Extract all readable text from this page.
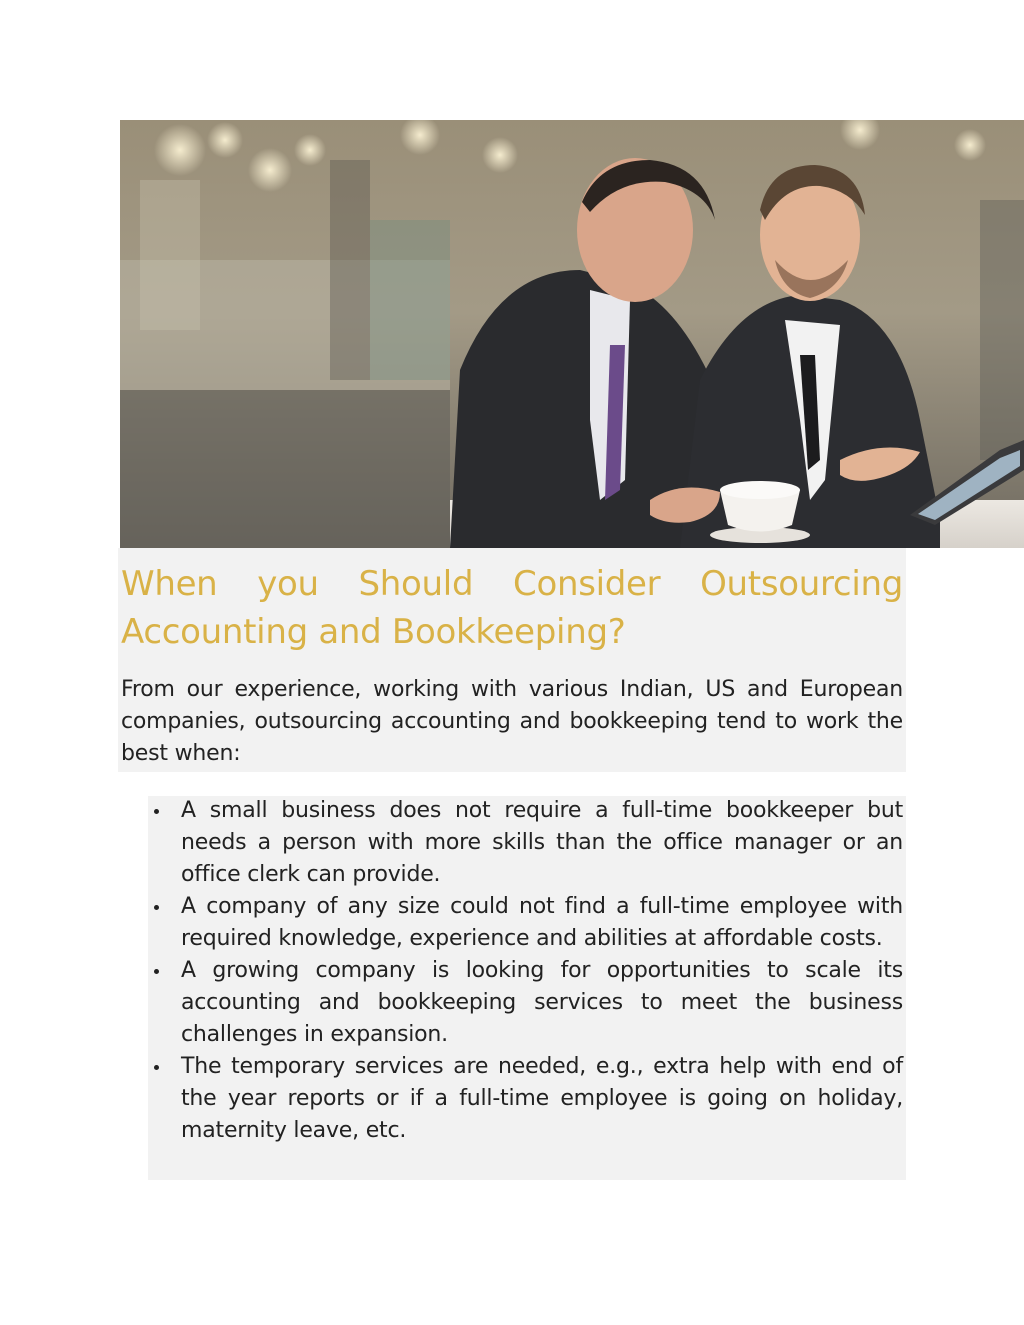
When you Should Consider Outsourcing Accounting and Bookkeeping?

From our experience, working with various Indian, US and European companies, outsourcing accounting and bookkeeping tend to work the best when:

A small business does not require a full-time bookkeeper but needs a person with more skills than the office manager or an office clerk can provide.
A company of any size could not find a full-time employee with required knowledge, experience and abilities at affordable costs.
A growing company is looking for opportunities to scale its accounting and bookkeeping services to meet the business challenges in expansion.
The temporary services are needed, e.g., extra help with end of the year reports or if a full-time employee is going on holiday, maternity leave, etc.
